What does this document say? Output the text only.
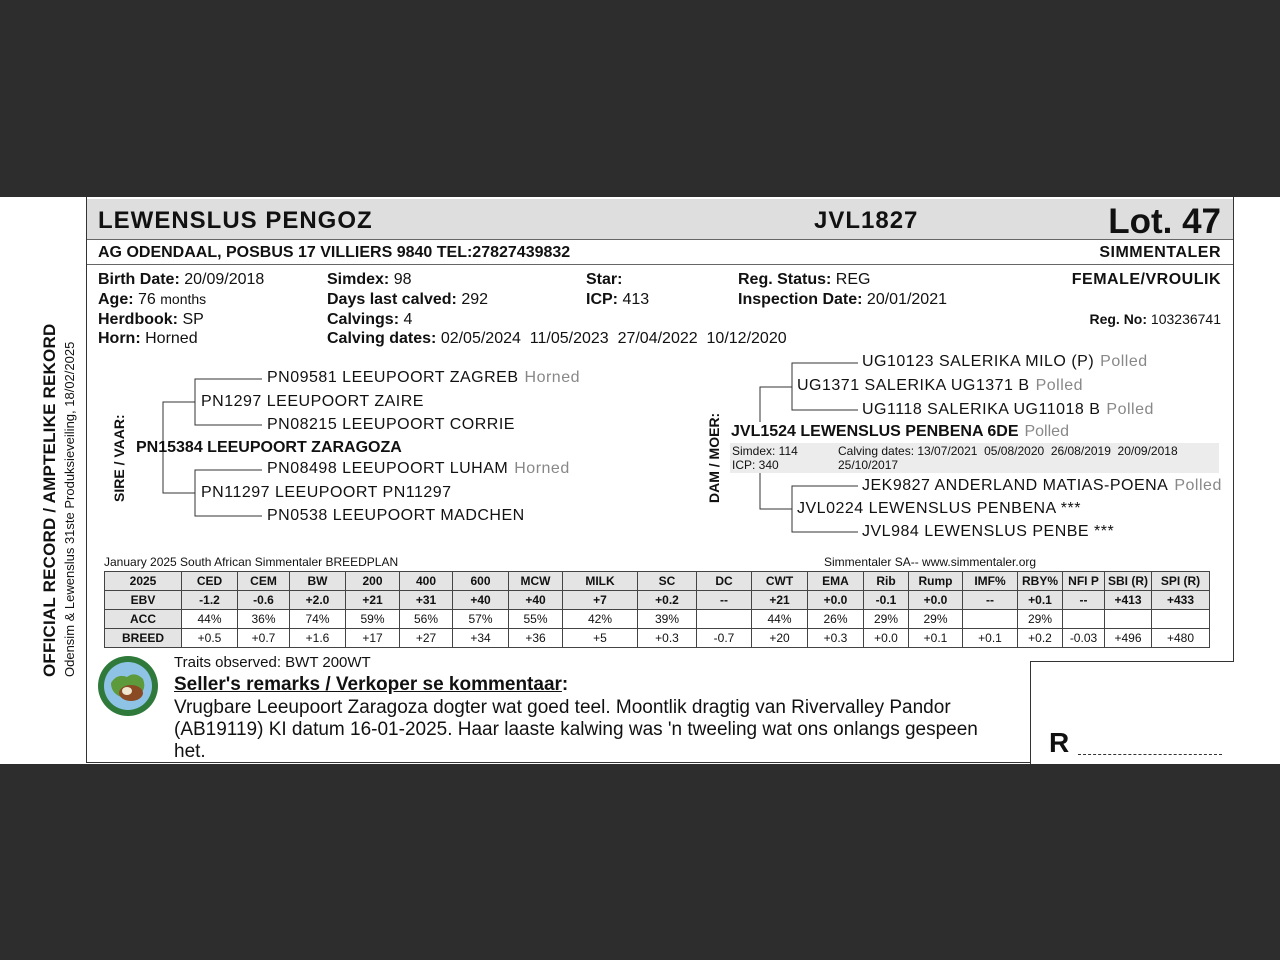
OFFICIAL RECORD / AMPTELIKE REKORD Odensim & Lewenslus 31ste Produksieveiling, 18/02/2025
LEWENSLUS PENGOZ	JVL1827	Lot. 47
AG ODENDAAL, POSBUS 17 VILLIERS 9840 TEL:27827439832	SIMMENTALER
Birth Date: 20/09/2018
Age: 76 months
Herdbook: SP
Horn: Horned
Simdex: 98
Days last calved: 292
Calvings: 4
Calving dates: 02/05/2024  11/05/2023  27/04/2022  10/12/2020
Star:
ICP: 413
Reg. Status: REG
Inspection Date: 20/01/2021
FEMALE/VROULIK
Reg. No: 103236741
SIRE / VAAR:	DAM / MOER:
PN09581 LEEUPOORT ZAGREB Horned
PN1297 LEEUPOORT ZAIRE
PN08215 LEEUPOORT CORRIE
PN15384 LEEUPOORT ZARAGOZA
PN08498 LEEUPOORT LUHAM Horned
PN11297 LEEUPOORT PN11297
PN0538 LEEUPOORT MADCHEN
UG10123 SALERIKA MILO (P) Polled
UG1371 SALERIKA UG1371 B Polled
UG1118 SALERIKA UG11018 B Polled
JVL1524 LEWENSLUS PENBENA 6DE Polled
Simdex: 114
ICP: 340
Calving dates: 13/07/2021  05/08/2020  26/08/2019  20/09/2018
25/10/2017
JEK9827 ANDERLAND MATIAS-POENA Polled
JVL0224 LEWENSLUS PENBENA ***
JVL984 LEWENSLUS PENBE ***
January 2025 South African Simmentaler BREEDPLAN	Simmentaler SA-- www.simmentaler.org
2025	CED	CEM	BW	200	400	600	MCW	MILK	SC	DC	CWT	EMA	Rib	Rump	IMF%	RBY%	NFI P	SBI (R)	SPI (R)
EBV	-1.2	-0.6	+2.0	+21	+31	+40	+40	+7	+0.2	--	+21	+0.0	-0.1	+0.0	--	+0.1	--	+413	+433
ACC	44%	36%	74%	59%	56%	57%	55%	42%	39%		44%	26%	29%	29%		29%			
BREED	+0.5	+0.7	+1.6	+17	+27	+34	+36	+5	+0.3	-0.7	+20	+0.3	+0.0	+0.1	+0.1	+0.2	-0.03	+496	+480
Traits observed: BWT 200WT
Seller's remarks / Verkoper se kommentaar:
Vrugbare Leeupoort Zaragoza dogter wat goed teel. Moontlik dragtig van Rivervalley Pandor (AB19119) KI datum 16-01-2025. Haar laaste kalwing was 'n tweeling wat ons onlangs gespeen het.	R
